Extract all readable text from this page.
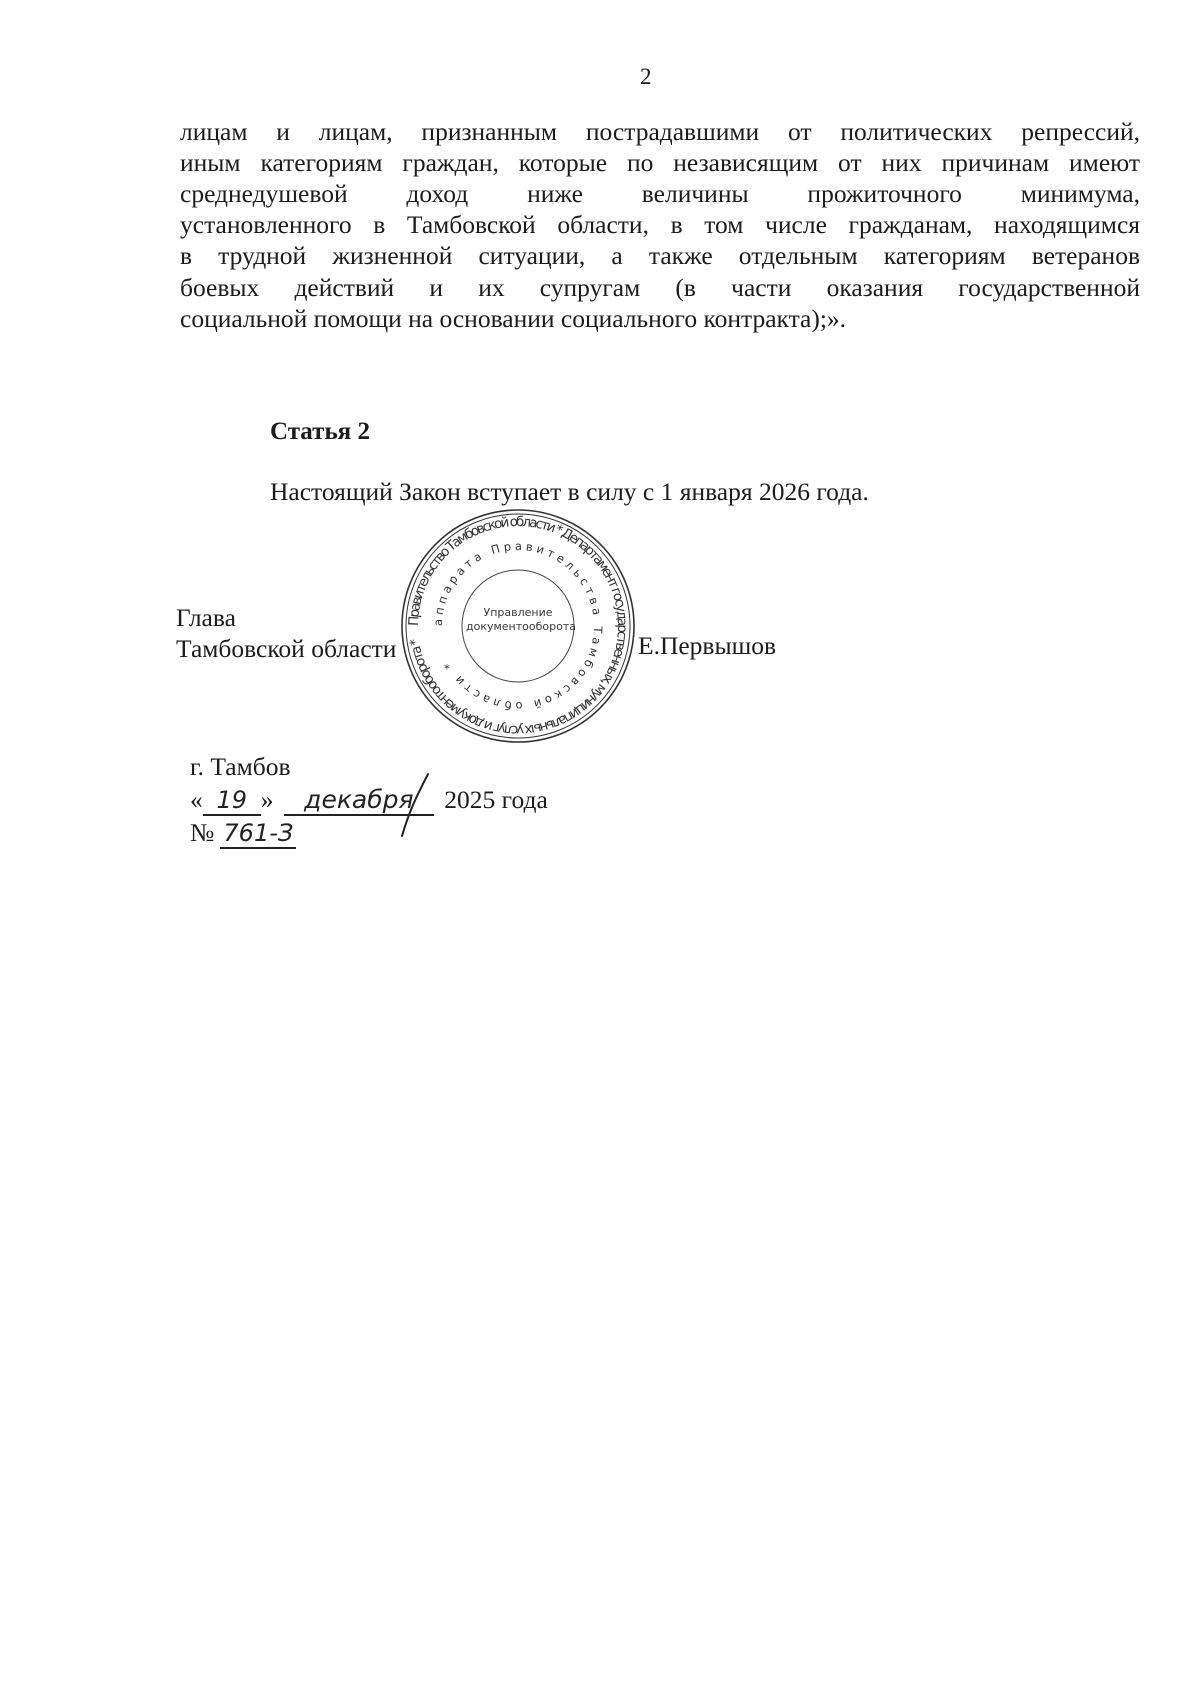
2
лицам и лицам, признанным пострадавшими от политических репрессий,
иным категориям граждан, которые по независящим от них причинам имеют
среднедушевой доход ниже величины прожиточного минимума,
установленного в Тамбовской области, в том числе гражданам, находящимся
в трудной жизненной ситуации, а также отдельным категориям ветеранов
боевых действий и их супругам (в части оказания государственной
социальной помощи на основании социального контракта);».
Статья 2
Настоящий Закон вступает в силу с 1 января 2026 года.
Глава
Тамбовской области	Е.Первышов
Правительство Тамбовской области * Департамент государственных, муниципальных услуг и документооборота *
аппарата Правительства Тамбовской области *
Управление
документооборота
г. Тамбов
« 19 » декабря 2025 года
№ 761-З
